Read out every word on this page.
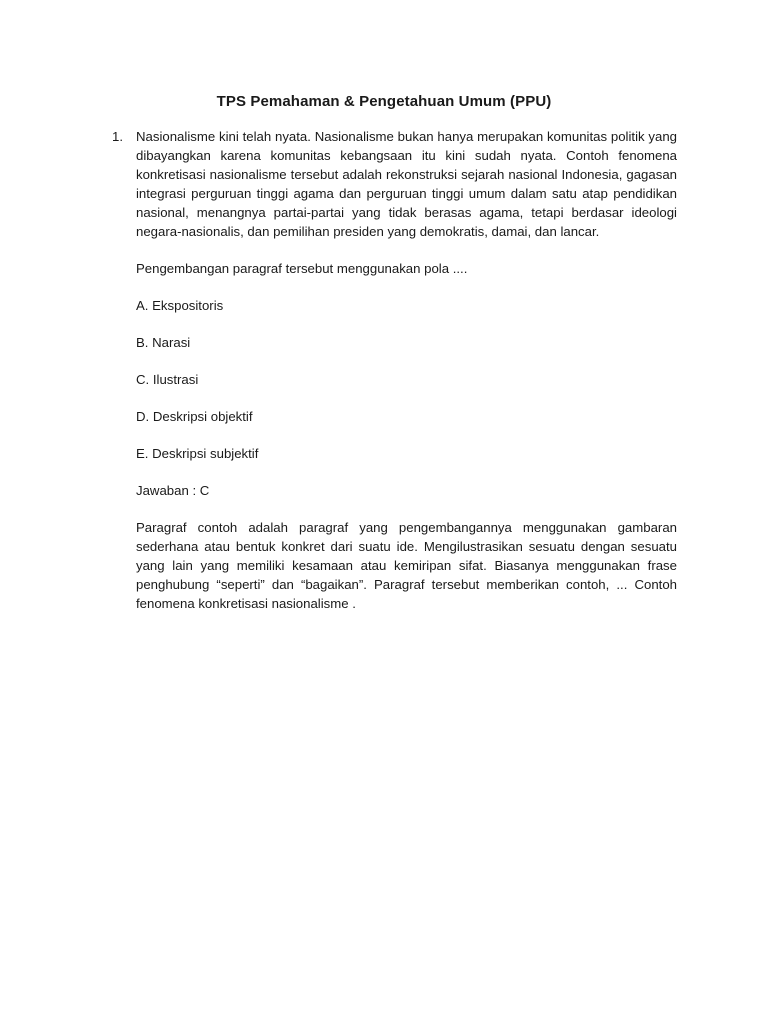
TPS Pemahaman & Pengetahuan Umum (PPU)
1. Nasionalisme kini telah nyata. Nasionalisme bukan hanya merupakan komunitas politik yang dibayangkan karena komunitas kebangsaan itu kini sudah nyata. Contoh fenomena konkretisasi nasionalisme tersebut adalah rekonstruksi sejarah nasional Indonesia, gagasan integrasi perguruan tinggi agama dan perguruan tinggi umum dalam satu atap pendidikan nasional, menangnya partai-partai yang tidak berasas agama, tetapi berdasar ideologi negara-nasionalis, dan pemilihan presiden yang demokratis, damai, dan lancar.

Pengembangan paragraf tersebut menggunakan pola ....

A. Ekspositoris

B. Narasi

C. Ilustrasi

D. Deskripsi objektif

E. Deskripsi subjektif

Jawaban : C

Paragraf contoh adalah paragraf yang pengembangannya menggunakan gambaran sederhana atau bentuk konkret dari suatu ide. Mengilustrasikan sesuatu dengan sesuatu yang lain yang memiliki kesamaan atau kemiripan sifat. Biasanya menggunakan frase penghubung “seperti” dan “bagaikan”. Paragraf tersebut memberikan contoh, ... Contoh fenomena konkretisasi nasionalisme .
